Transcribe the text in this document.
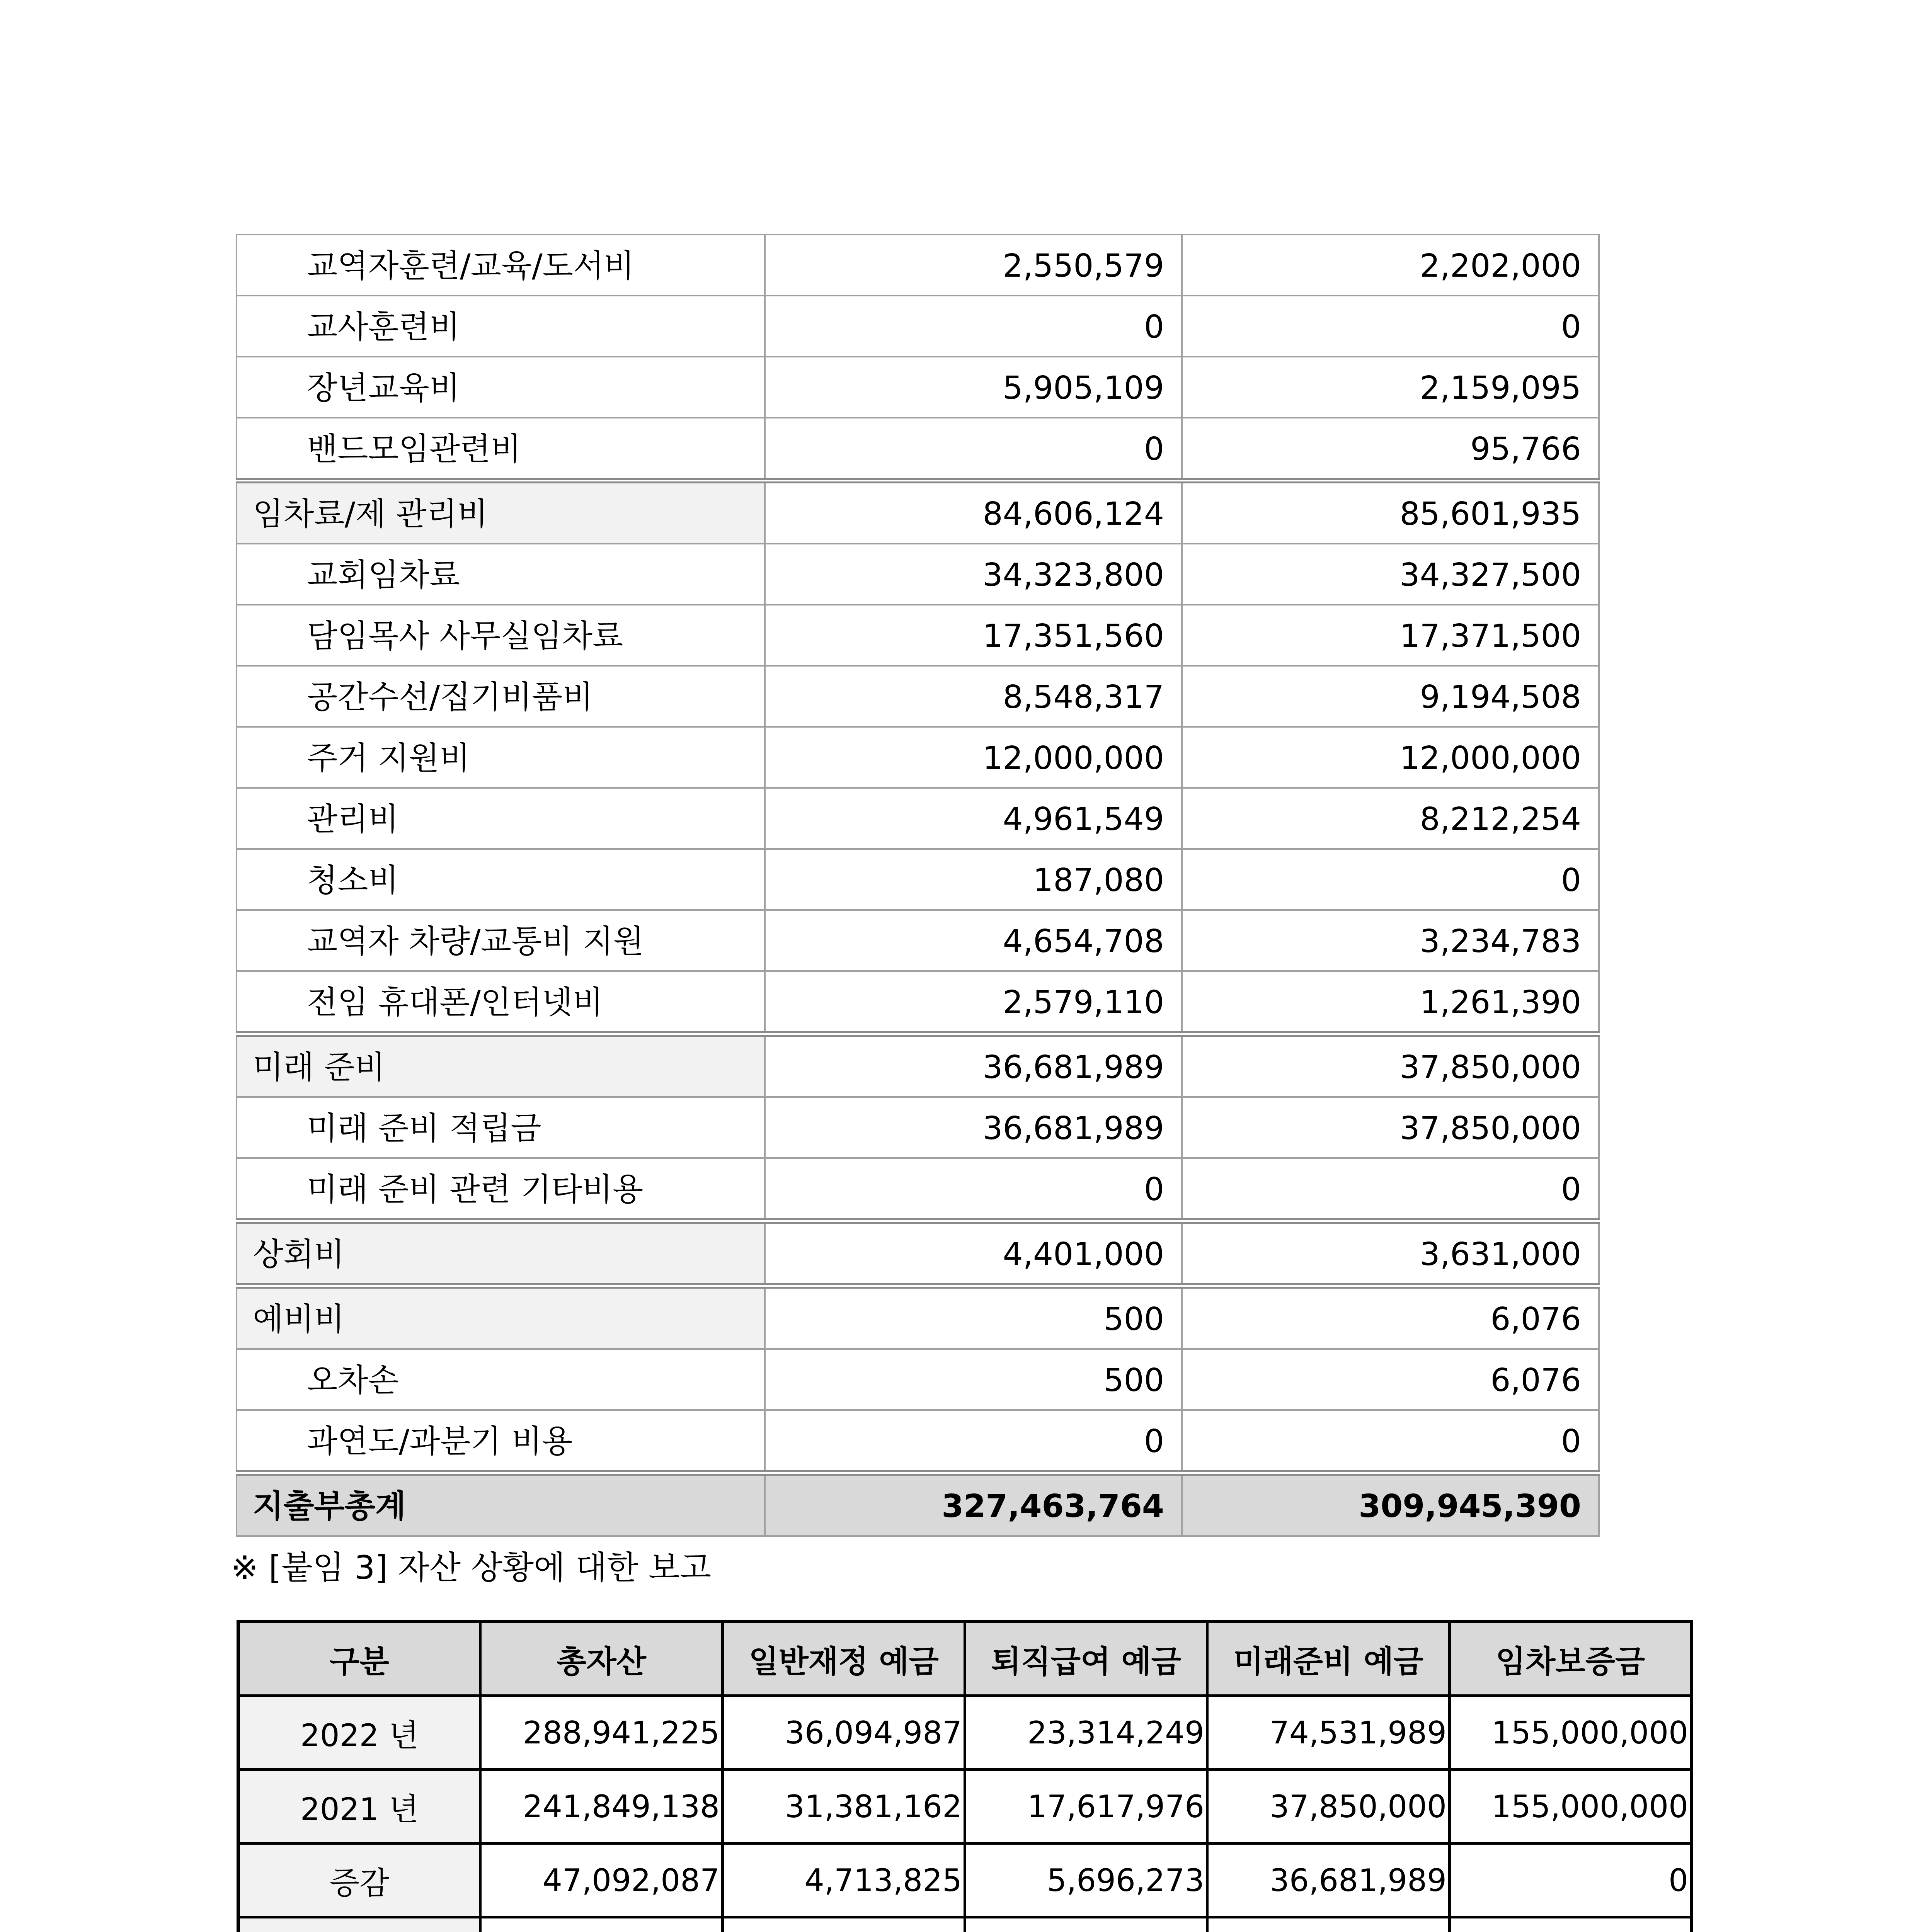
교역자훈련/교육/도서비	2,550,579	2,202,000
교사훈련비	0	0
장년교육비	5,905,109	2,159,095
밴드모임관련비	0	95,766
임차료/제 관리비	84,606,124	85,601,935
교회임차료	34,323,800	34,327,500
담임목사 사무실임차료	17,351,560	17,371,500
공간수선/집기비품비	8,548,317	9,194,508
주거 지원비	12,000,000	12,000,000
관리비	4,961,549	8,212,254
청소비	187,080	0
교역자 차량/교통비 지원	4,654,708	3,234,783
전임 휴대폰/인터넷비	2,579,110	1,261,390
미래 준비	36,681,989	37,850,000
미래 준비 적립금	36,681,989	37,850,000
미래 준비 관련 기타비용	0	0
상회비	4,401,000	3,631,000
예비비	500	6,076
오차손	500	6,076
과연도/과분기 비용	0	0
지출부총계	327,463,764	309,945,390
※ [붙임 3] 자산 상황에 대한 보고
구분	총자산	일반재정 예금	퇴직급여 예금	미래준비 예금	임차보증금
2022 년	288,941,225	36,094,987	23,314,249	74,531,989	155,000,000
2021 년	241,849,138	31,381,162	17,617,976	37,850,000	155,000,000
증감	47,092,087	4,713,825	5,696,273	36,681,989	0
